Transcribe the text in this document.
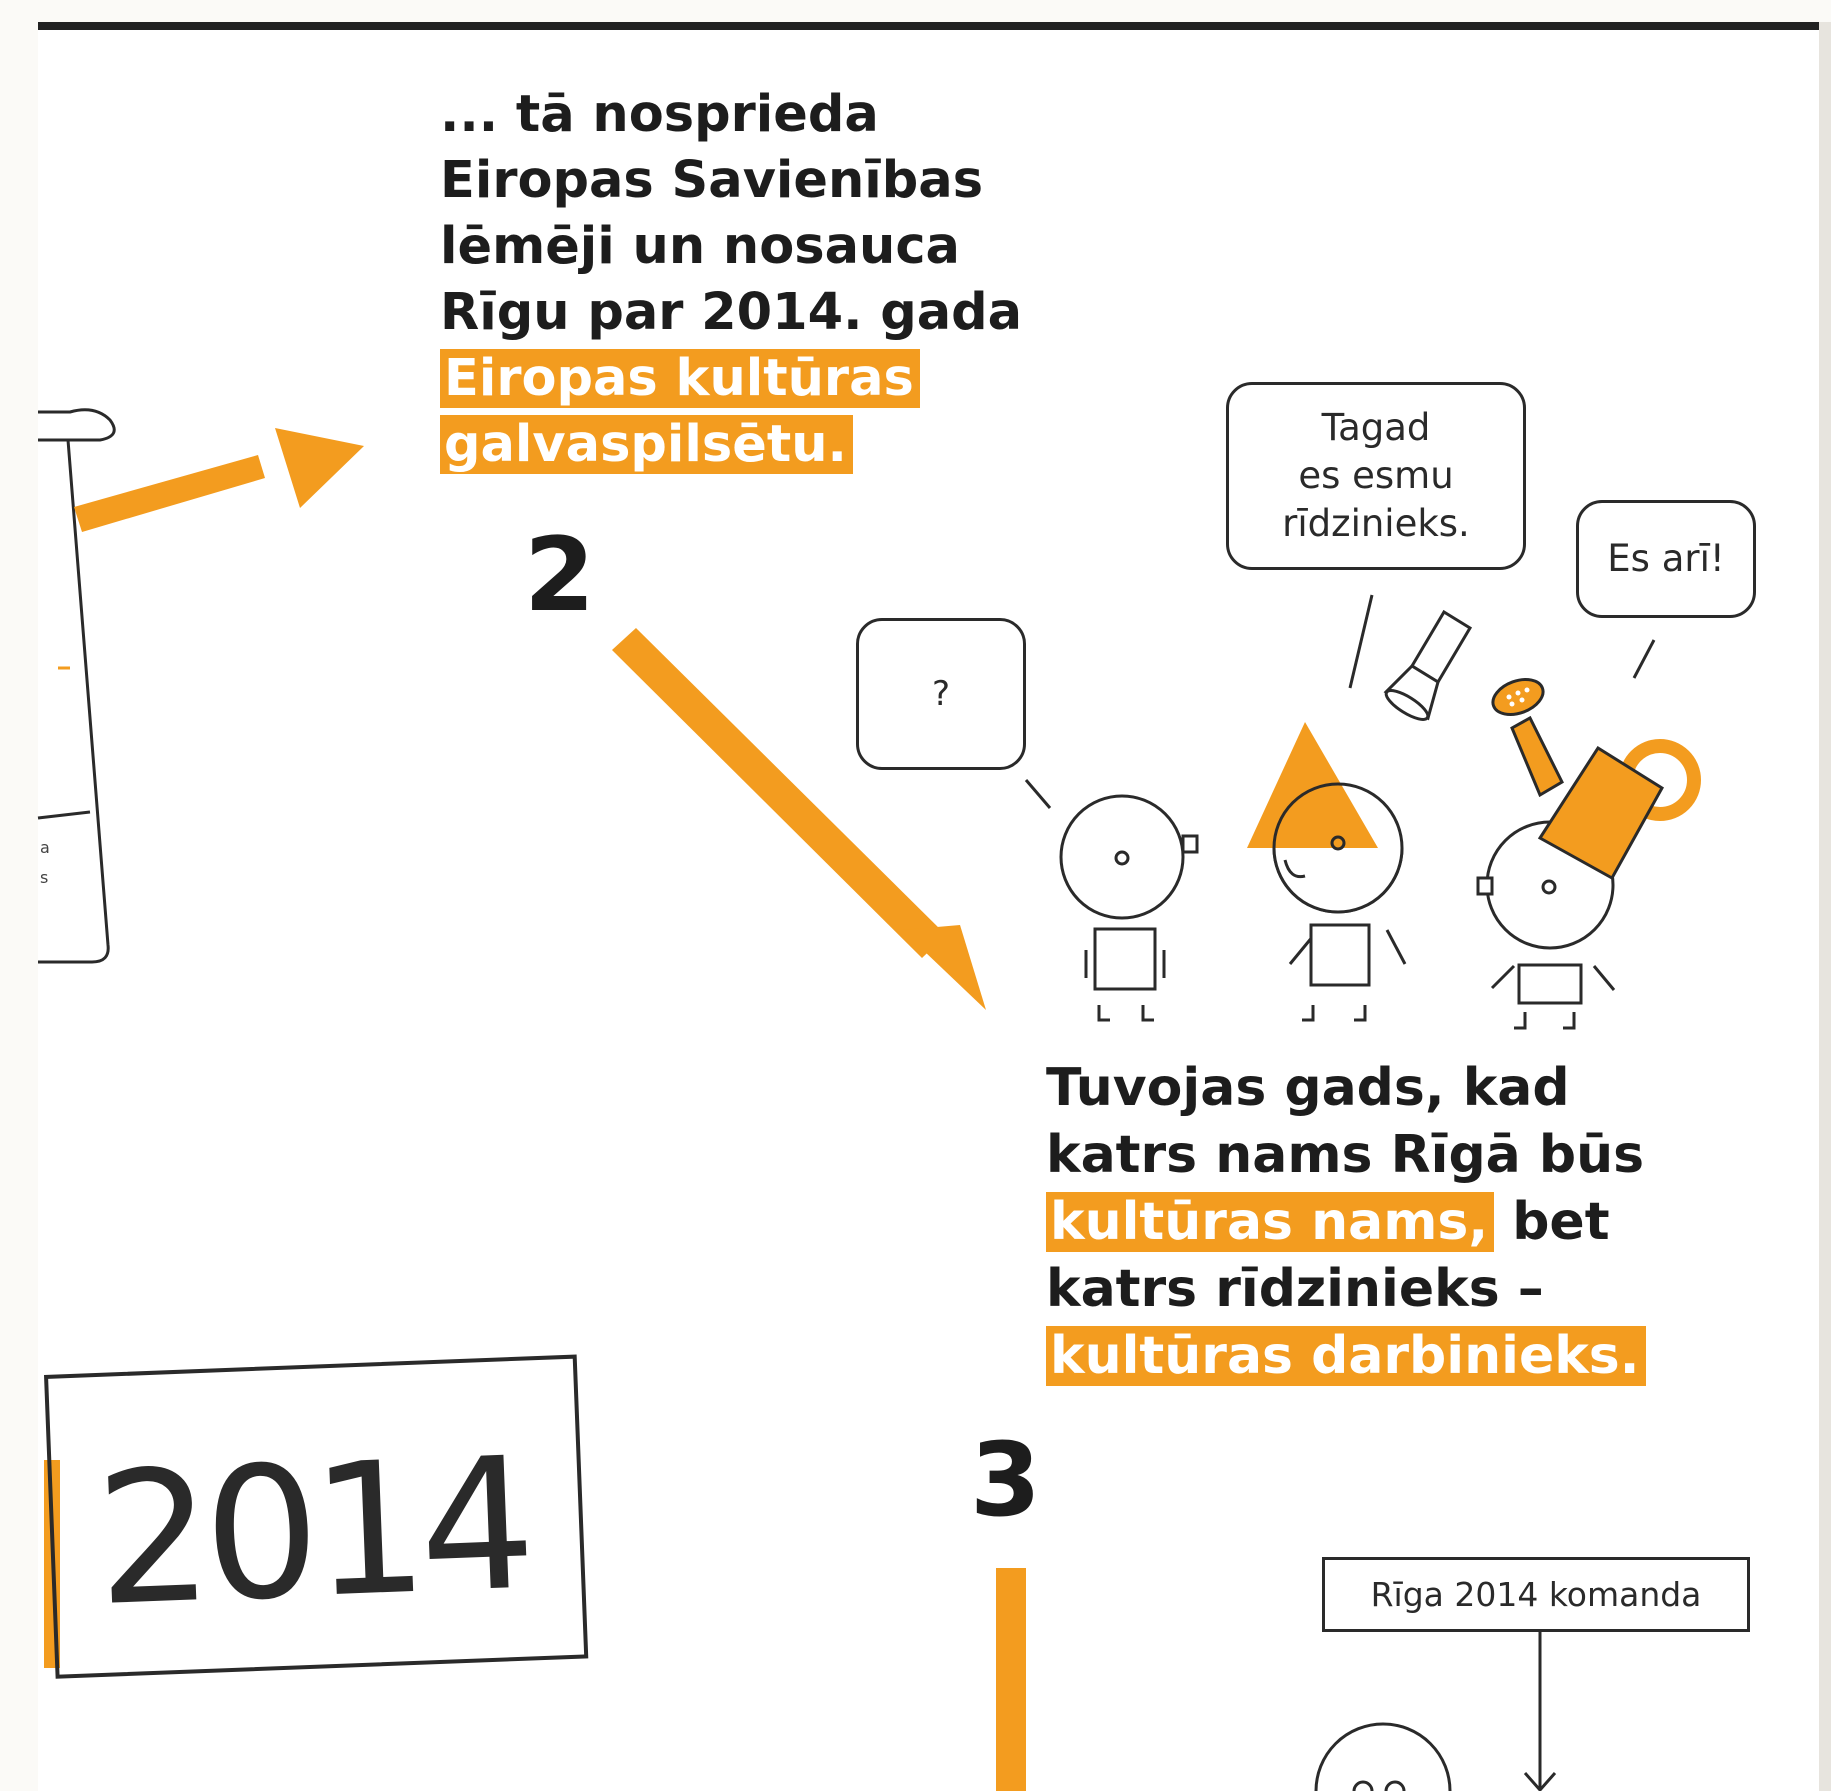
a
s
... tā nosprieda
Eiropas Savienības
lēmēji un nosauca
Rīgu par 2014. gada
Eiropas kultūras
galvaspilsētu.
2
Tagad
es esmu
rīdzinieks.
Es arī!
?
Tuvojas gads, kad
katrs nams Rīgā būs
kultūras nams, bet
katrs rīdzinieks –
kultūras darbinieks.
3
2014	Rīga 2014 komanda
